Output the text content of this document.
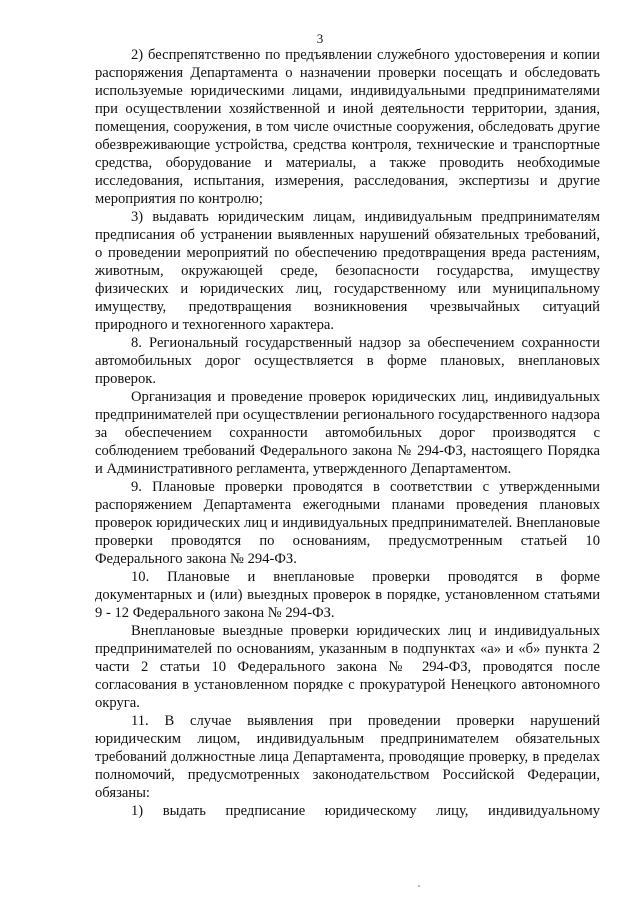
3

2) беспрепятственно по предъявлении служебного удостоверения и копии распоряжения Департамента о назначении проверки посещать и обследовать используемые юридическими лицами, индивидуальными предпринимателями при осуществлении хозяйственной и иной деятельности территории, здания, помещения, сооружения, в том числе очистные сооружения, обследовать другие обезвреживающие устройства, средства контроля, технические и транспортные средства, оборудование и материалы, а также проводить необходимые исследования, испытания, измерения, расследования, экспертизы и другие мероприятия по контролю;

3) выдавать юридическим лицам, индивидуальным предпринимателям предписания об устранении выявленных нарушений обязательных требований, о проведении мероприятий по обеспечению предотвращения вреда растениям, животным, окружающей среде, безопасности государства, имуществу физических и юридических лиц, государственному или муниципальному имуществу, предотвращения возникновения чрезвычайных ситуаций природного и техногенного характера.

8. Региональный государственный надзор за обеспечением сохранности автомобильных дорог осуществляется в форме плановых, внеплановых проверок.

Организация и проведение проверок юридических лиц, индивидуальных предпринимателей при осуществлении регионального государственного надзора за обеспечением сохранности автомобильных дорог производятся с соблюдением требований Федерального закона № 294-ФЗ, настоящего Порядка и Административного регламента, утвержденного Департаментом.

9. Плановые проверки проводятся в соответствии с утвержденными распоряжением Департамента ежегодными планами проведения плановых проверок юридических лиц и индивидуальных предпринимателей. Внеплановые проверки проводятся по основаниям, предусмотренным статьей 10 Федерального закона № 294-ФЗ.

10. Плановые и внеплановые проверки проводятся в форме документарных и (или) выездных проверок в порядке, установленном статьями 9 - 12 Федерального закона № 294-ФЗ.

Внеплановые выездные проверки юридических лиц и индивидуальных предпринимателей по основаниям, указанным в подпунктах «а» и «б» пункта 2 части 2 статьи 10 Федерального закона № 294-ФЗ, проводятся после согласования в установленном порядке с прокуратурой Ненецкого автономного округа.

11. В случае выявления при проведении проверки нарушений юридическим лицом, индивидуальным предпринимателем обязательных требований должностные лица Департамента, проводящие проверку, в пределах полномочий, предусмотренных законодательством Российской Федерации, обязаны:

1) выдать предписание юридическому лицу, индивидуальному
